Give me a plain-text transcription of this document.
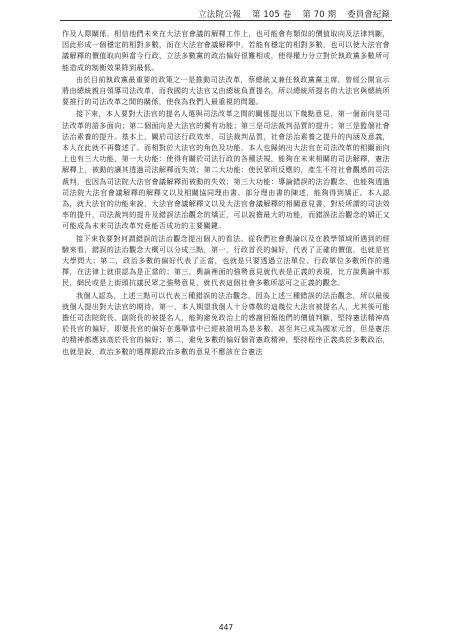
立法院公報 第 105 卷 第 70 期 委員會紀錄

作及人際關係，相信他們未來在大法官會議的解釋工作上，也可能會有類似的價值取向及法律判斷，因此形成一個穩定的相對多數，而在大法官會議解釋中，若能有穩定的相對多數，也可以使大法官會議解釋的價值取向與當今行政、立法多數黨的政治偏好很難相或，使得權力分立對於執政黨多數所可能造成的制衡效果降到最低。

由於目前執政黨最重要的政策之一是推動司法改革，蔡總統又兼任執政黨黨主席，曾經公開宣示將由總統親自領導司法改革，而我國的大法官又由總統負責提名，所以總統所提名的大法官與總統所要推行的司法改革之間的關係，使我為我們人最重視的問題。

接下來，本人要對大法官的提名人選與司法改革之間的關係提出以下幾點意見，第一個面向是司法改革的語多面向；第二個面向是大法官的獨有功能；第三是司法裁判品質的提升；第三是監個社會法治素養的提升。基本上，關於司法行政效率，司法裁判品質，社會法治素養之提升的內涵及意義，本人在此就不再贅述了。而相對於大法官的角色及功能，本人也歸納出大法官在司法改革的相關面向上也有三大功能，第一大功能：使得有關於司法行政的各種法規，能夠在未來相關的司法解釋，憲法解釋上，被動的讓其透過司法解釋而失效；第二大功能：使民眾所反應的，產生不符社會觀感的司法裁判，也因為司法院大法官會議解釋而被動的失效；第三大功能：導論錯誤的法治觀念，也能夠透過司法院大法官會議解釋的解釋文以及相關協同理由書、部分理由書的陳述，能夠得到矯正。本人認為，就大法官的功能來說，大法官會議解釋文以及大法官會議解釋的相關意見書，對於所謂的司法效率的提升，司法裁判的提升及錯誤法治觀念的矯正，可以說擔最大的功能，而錯誤法治觀念的矯正又可能成為未來司法改革究竟能否成功的主要關鍵。

接下來我要對何謂錯誤的法治觀念提出個人的看法。從我們社會輿論以及在教學領域所遇到的經驗來看，錯誤的法治觀念大概可以分成三點，第一，行政首長的偏好，代表了正確的價值，也就是官大學問大；第二，政治多數的偏好代表了正當，也就是只要透過立法單位、行政單位多數所作的選擇，在法律上就很認為是正當的；第三，輿論裡面的強勢意見就代表是正義的表現，比方說輿論中那民，網民或是上街頭抗議民眾之強勢意見，就代表這個社會多數所認可之正義的觀念。

我個人認為，上述三點可以代表三種錯誤的法治觀念，因為上述三種錯誤的法治觀念，所以最後就個人提出對大法官的期待，第一，本人期望我個人十分尊敬的這幾位大法官被提名人，尤其後可能擔任司法院院長、副院長的被提名人，能夠避免政治上的感謝回報他們的價值判斷，堅持憲法精神高於長官的偏好，即便長官的偏好在選舉當中已經被證明為是多數，甚至其已成為國家元首，但是憲法的精神都應該高於長官的偏好；第二，避免多數的偏好個背憲政精神，堅持程序正義高於多數政治，也就是說，政治多數的選擇跟政治多數的意見不應該在合憲法

447
